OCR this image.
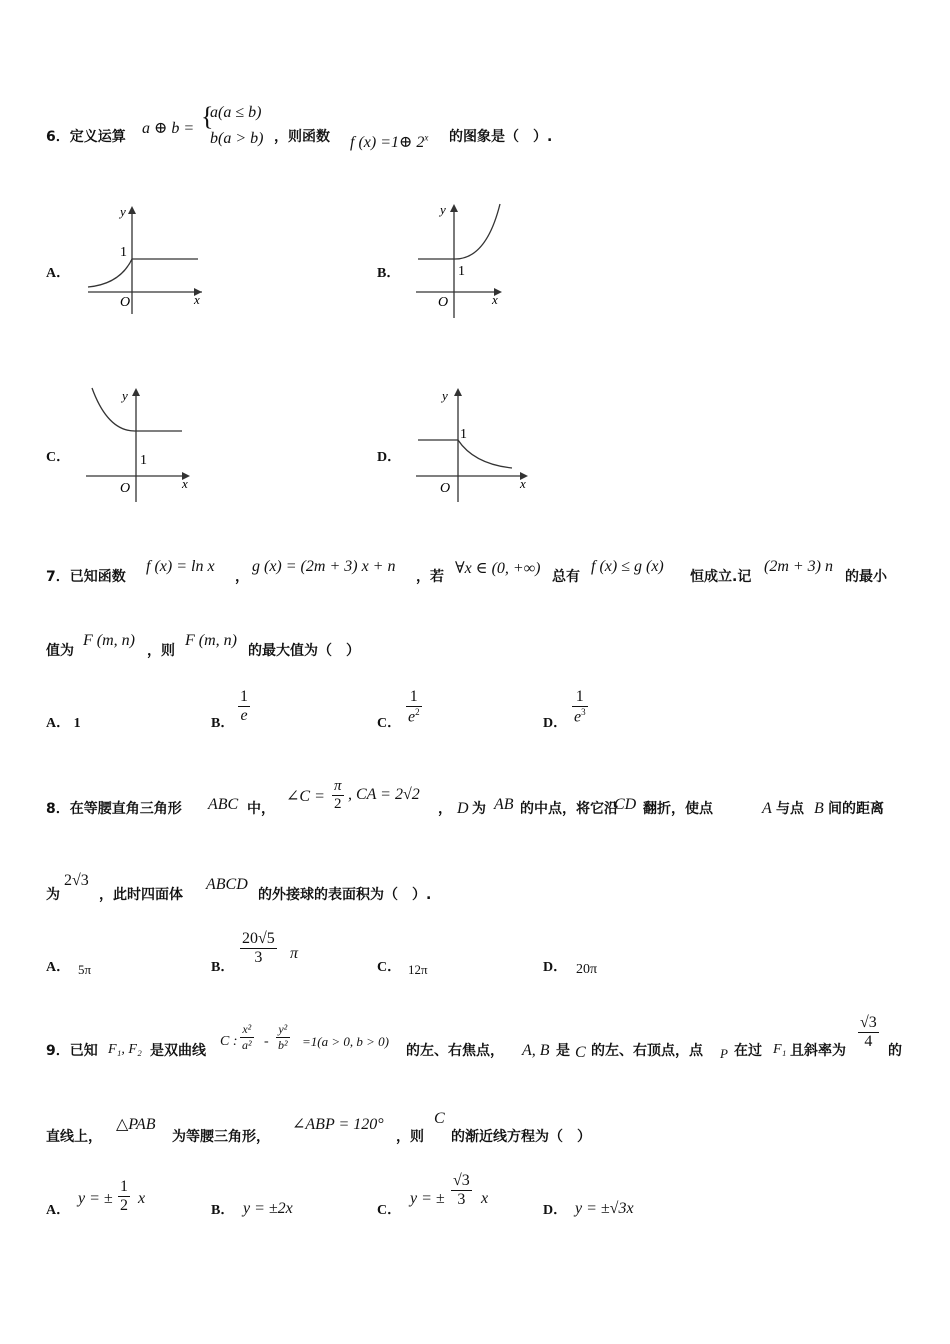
6．定义运算 a ⊕ b = {
a(a ≤ b)
b(a > b) ，则函数 f (x) =1⊕ 2$^x$ 的图象是（　）.
A．
y
x
O
1
B．
y
x
O
1
C．
y
x
O
1	D．
y
x
O
1
7．已知函数
f (x) = ln x
，
g (x) = (2m + 3) x + n
，若 ∀x ∈ (0, +∞) 总有
f (x) ≤ g (x)
恒成立.记
(2m + 3) n
的最小
值为
F (m, n)
，则
F (m, n)
的最大值为（　）
A． 1	B． $\frac{1}{e}$	C． $\frac{1}{e^2}$	D． $\frac{1}{e^3}$
8．在等腰直角三角形 ABC 中，
∠C = $\frac{\pi}{2}$ , CA = 2√2
， D 为 AB 的中点，将它沿
CD 翻折，使点	A 与点 B 间的距离
为
2√3
，此时四面体
ABCD
的外接球的表面积为（　）.
A． 5π	B．
$\frac{20√5}{3}$ π
C． 12π	D． 20π
9．已知 F₁, F₂ 是双曲线
C : $\frac{\text{x²}}{\text{a²}} - \frac{\text{y²}}{\text{b²}} =1(a > 0$, b > 0)
的左、右焦点， A, B 是 C 的左、右顶点，点 P 在过 F₁ 且斜率为 $\frac{√3}{4}$ 的
直线上，
△PAB
为等腰三角形，
∠ABP = 120°
，则
C
的渐近线方程为（　）
A．
y = ± $\frac{1}{2}$ x
B． y = ±2x	C．
y = ± $\frac{√3}{3}$ x
D． y = ±√3x
